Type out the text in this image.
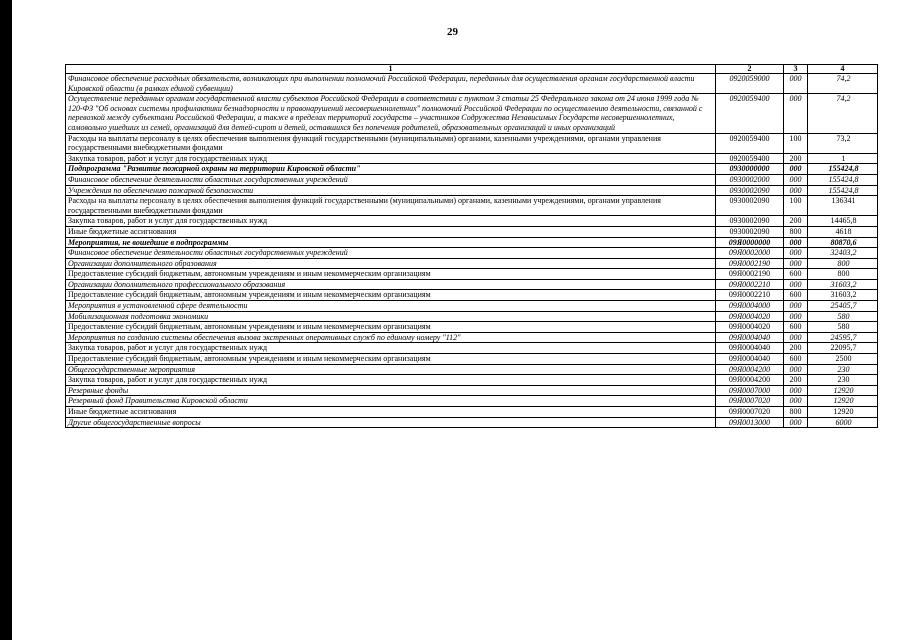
29
1	2	3	4
Финансовое обеспечение расходных обязательств, возникающих при выполнении полномочий Российской Федерации, переданных для осуществления органам государственной власти Кировской области (в рамках единой субвенции)	0920059000	000	74,2
Осуществление переданных органам государственной власти субъектов Российской Федерации в соответствии с пунктом 3 статьи 25 Федерального закона от 24 июня 1999 года № 120-ФЗ "Об основах системы профилактики безнадзорности и правонарушений несовершеннолетних" полномочий Российской Федерации по осуществлению деятельности, связанной с перевозкой между субъектами Российской Федерации, а также в пределах территорий государств – участников Содружества Независимых Государств несовершеннолетних, самовольно ушедших из семей, организаций для детей-сирот и детей, оставшихся без попечения родителей, образовательных организаций и иных организаций	0920059400	000	74,2
Расходы на выплаты персоналу в целях обеспечения выполнения функций государственными (муниципальными) органами, казенными учреждениями, органами управления государственными внебюджетными фондами	0920059400	100	73,2
Закупка товаров, работ и услуг для государственных нужд	0920059400	200	1
Подпрограмма "Развитие пожарной охраны на территории Кировской области"	0930000000	000	155424,8
Финансовое обеспечение деятельности областных государственных учреждений	0930002000	000	155424,8
Учреждения по обеспечению пожарной безопасности	0930002090	000	155424,8
Расходы на выплаты персоналу в целях обеспечения выполнения функций государственными (муниципальными) органами, казенными учреждениями, органами управления государственными внебюджетными фондами	0930002090	100	136341
Закупка товаров, работ и услуг для государственных нужд	0930002090	200	14465,8
Иные бюджетные ассигнования	0930002090	800	4618
Мероприятия, не вошедшие в подпрограммы	09Я0000000	000	80870,6
Финансовое обеспечение деятельности областных государственных учреждений	09Я0002000	000	32403,2
Организации дополнительного образования	09Я0002190	000	800
Предоставление субсидий бюджетным, автономным учреждениям и иным некоммерческим организациям	09Я0002190	600	800
Организации дополнительного профессионального образования	09Я0002210	000	31603,2
Предоставление субсидий бюджетным, автономным учреждениям и иным некоммерческим организациям	09Я0002210	600	31603,2
Мероприятия в установленной сфере деятельности	09Я0004000	000	25405,7
Мобилизационная подготовка экономики	09Я0004020	000	580
Предоставление субсидий бюджетным, автономным учреждениям и иным некоммерческим организациям	09Я0004020	600	580
Мероприятия по созданию системы обеспечения вызова экстренных оперативных служб по единому номеру "112"	09Я0004040	000	24595,7
Закупка товаров, работ и услуг для государственных нужд	09Я0004040	200	22095,7
Предоставление субсидий бюджетным, автономным учреждениям и иным некоммерческим организациям	09Я0004040	600	2500
Общегосударственные мероприятия	09Я0004200	000	230
Закупка товаров, работ и услуг для государственных нужд	09Я0004200	200	230
Резервные фонды	09Я0007000	000	12920
Резервный фонд Правительства Кировской области	09Я0007020	000	12920
Иные бюджетные ассигнования	09Я0007020	800	12920
Другие общегосударственные вопросы	09Я0013000	000	6000
